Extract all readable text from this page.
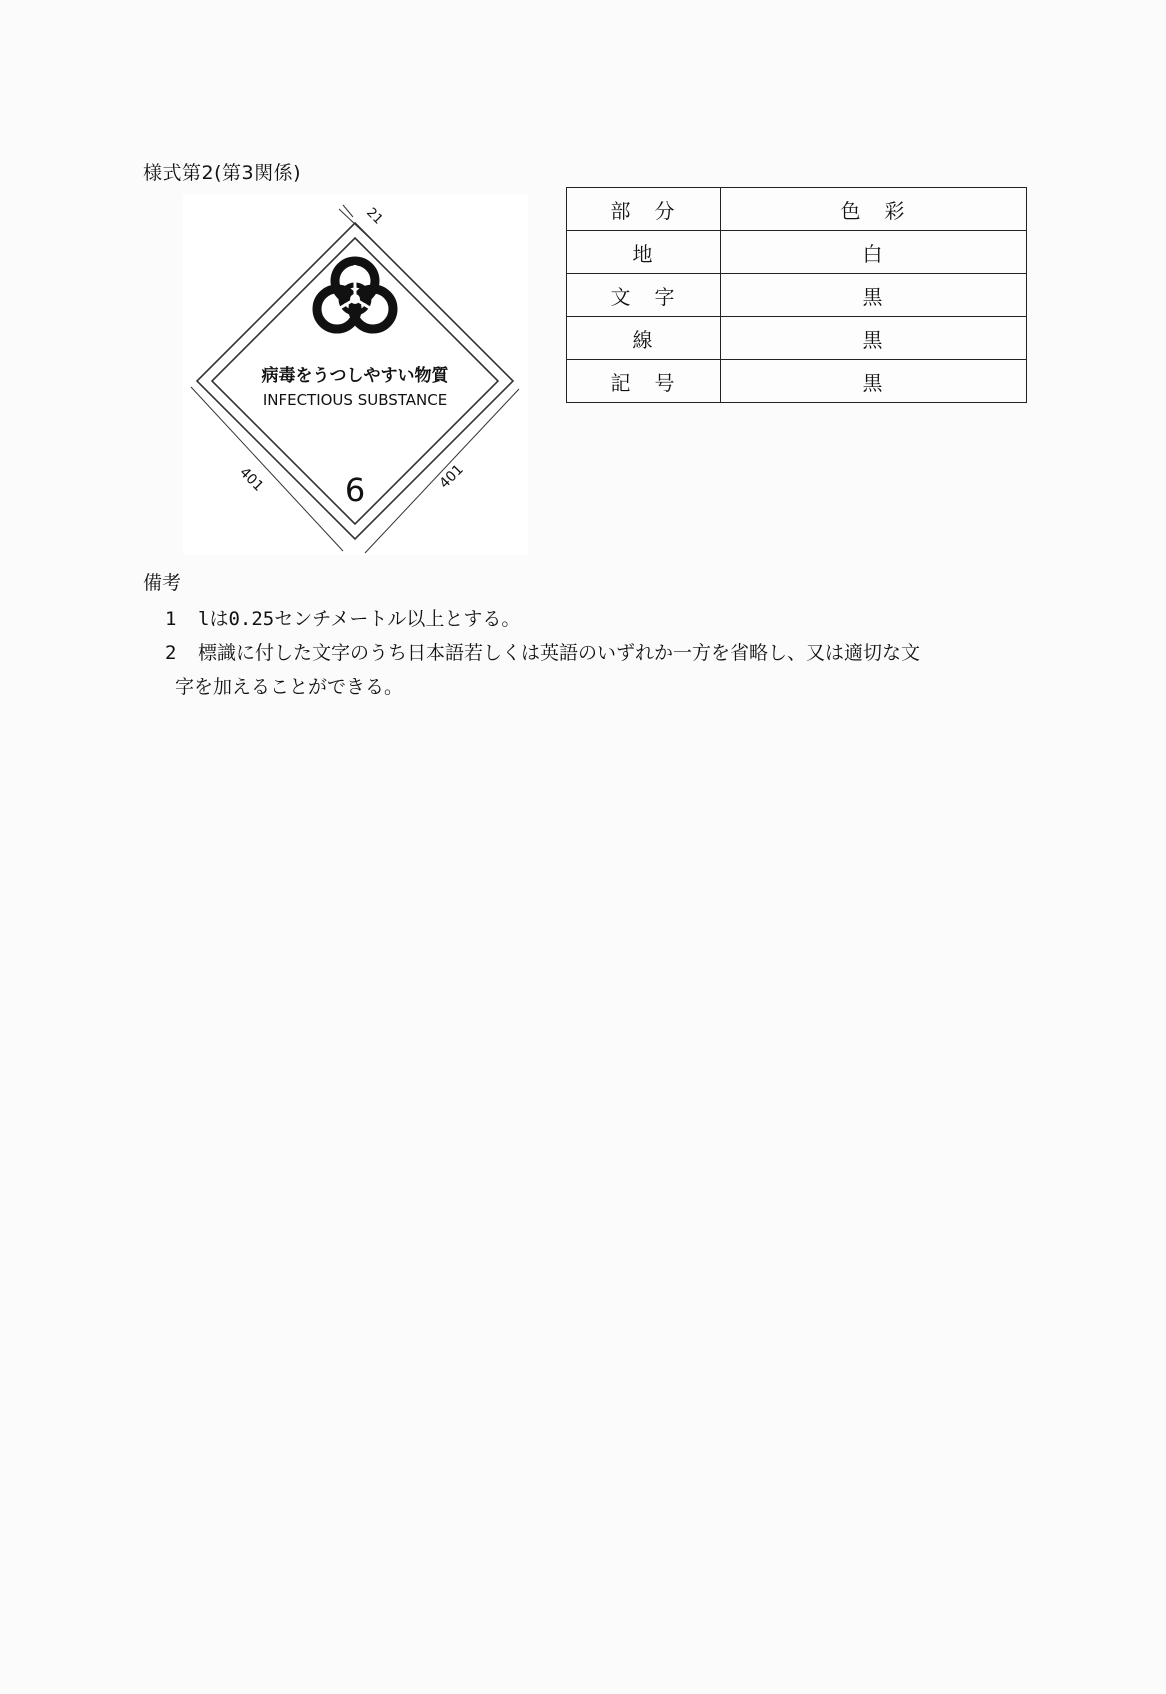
様式第2(第3関係)
21
401	401
病毒をうつしやすい物質
INFECTIOUS SUBSTANCE
6
部　分	色　彩
地	白
文　字	黒
線	黒
記　号	黒
備考
1 lは0.25センチメートル以上とする。
2 標識に付した文字のうち日本語若しくは英語のいずれか一方を省略し、又は適切な文
字を加えることができる。
